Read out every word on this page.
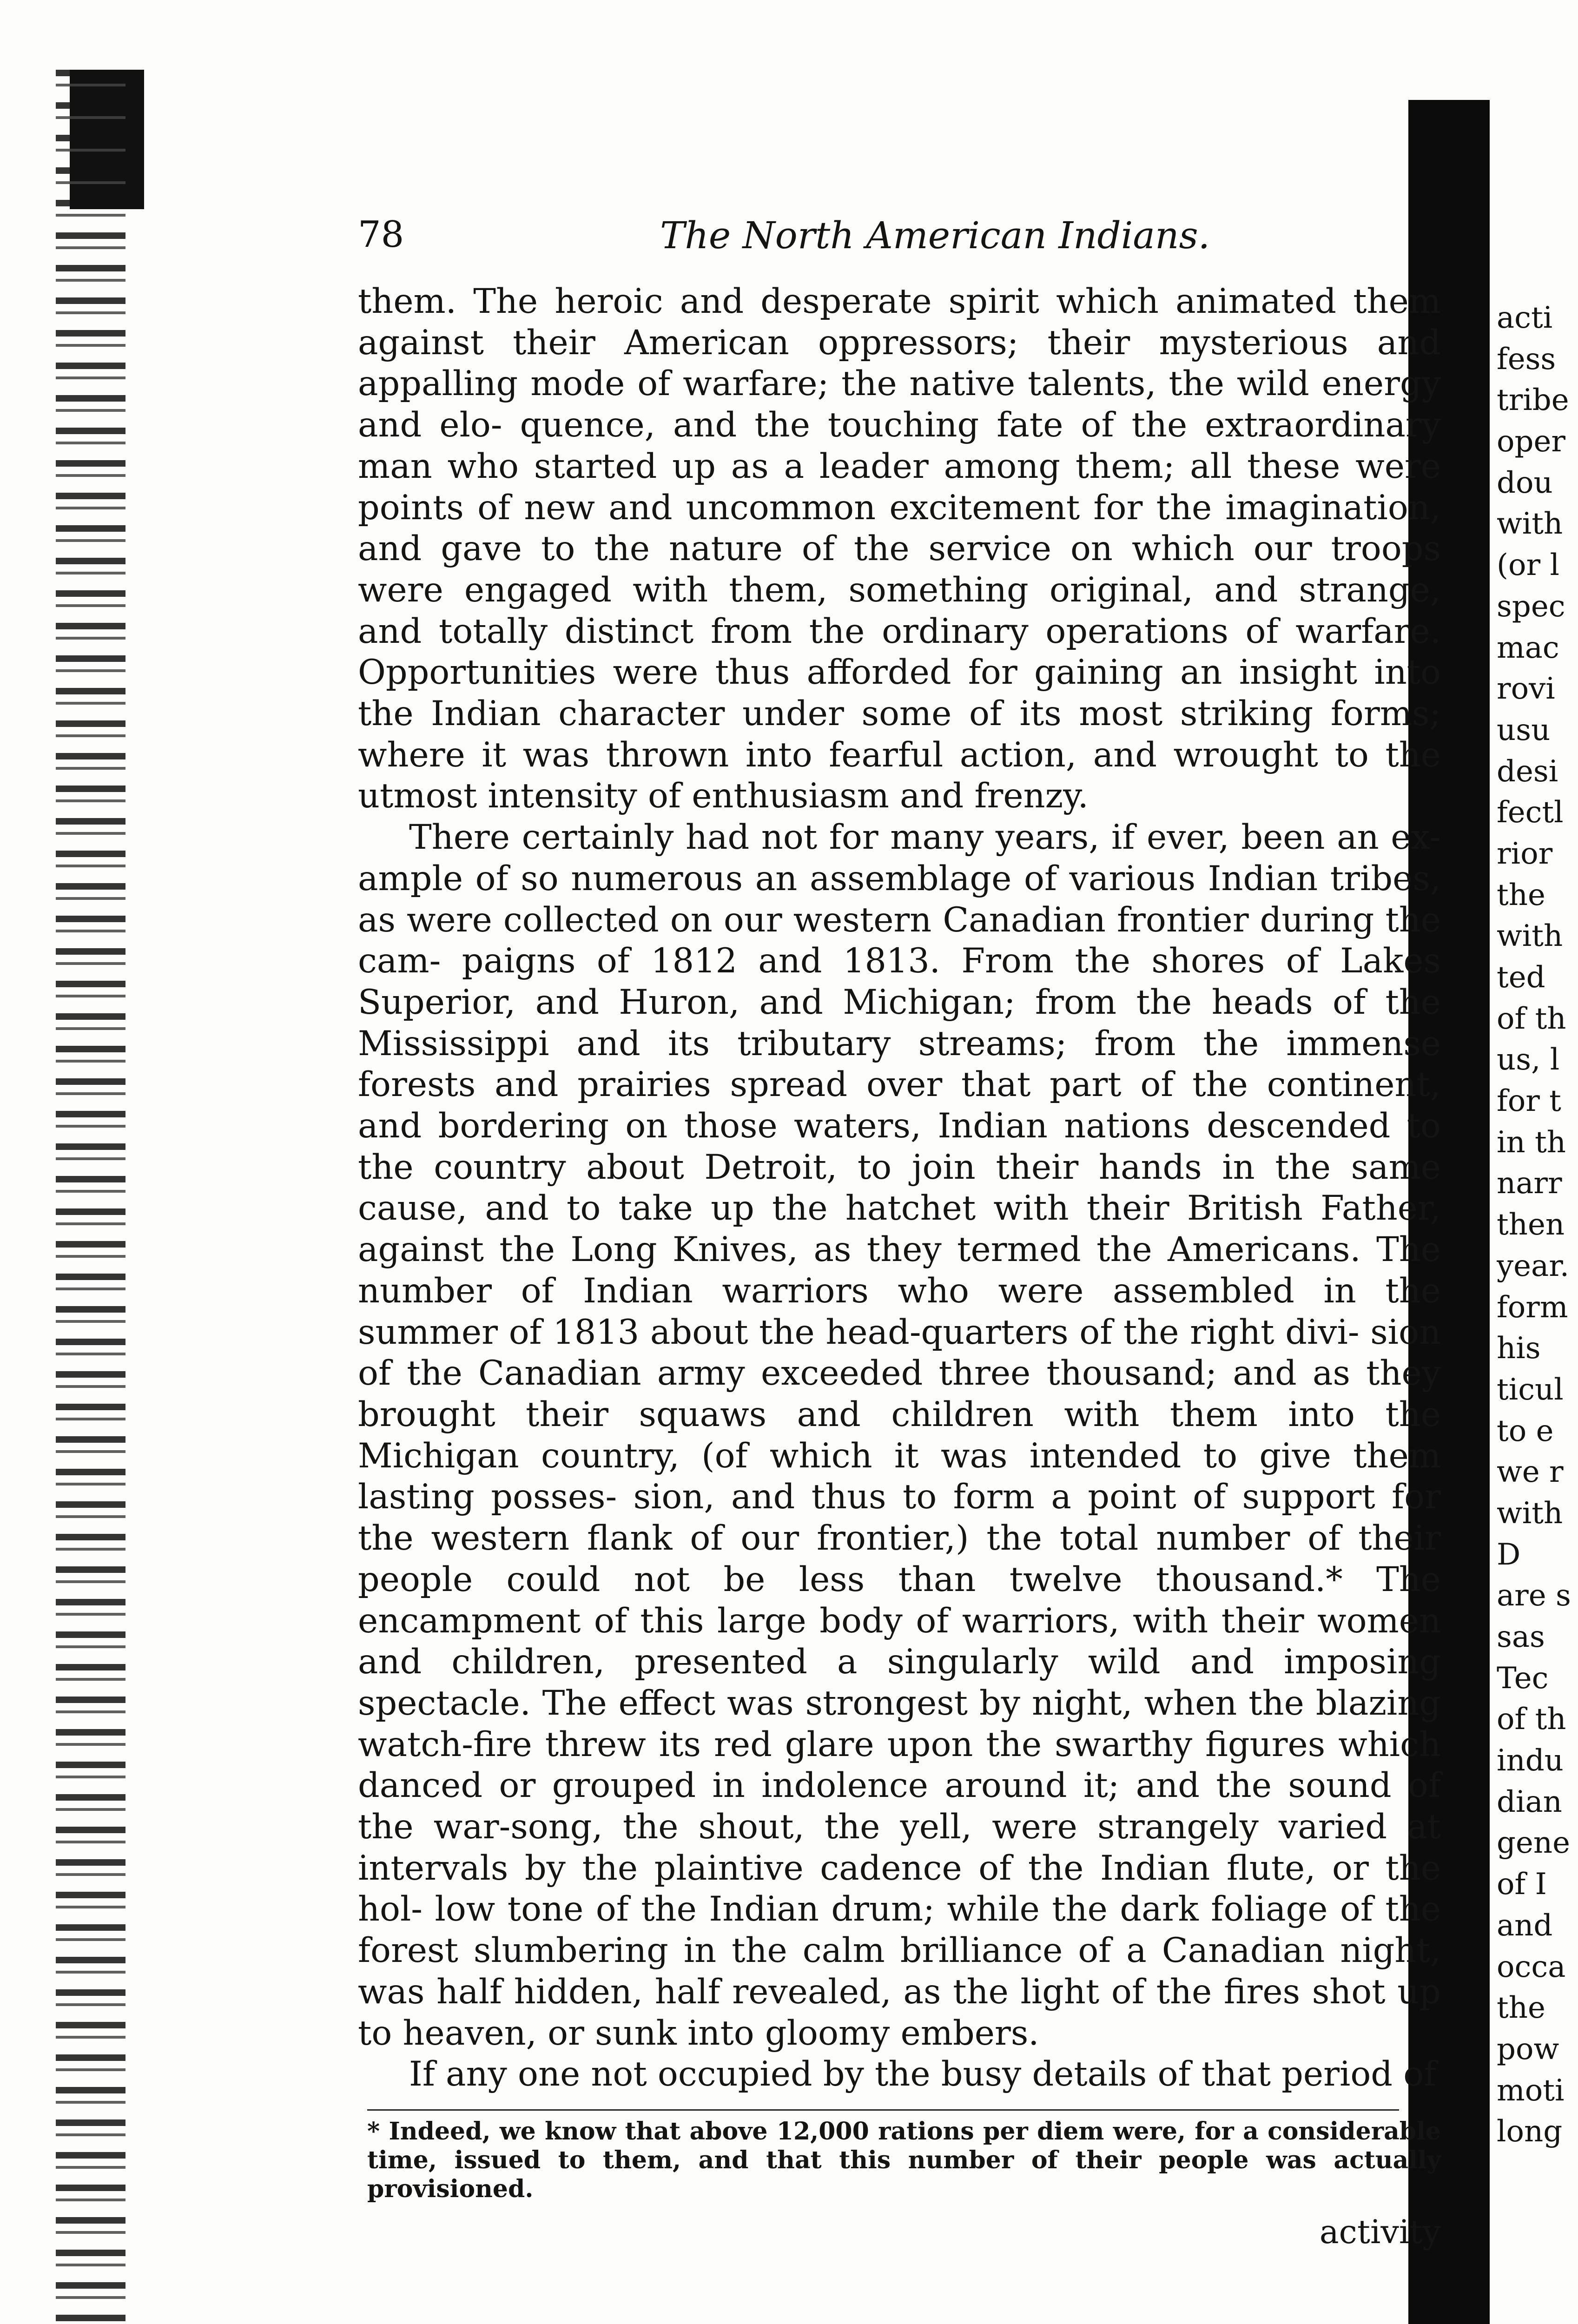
78	The North American Indians.

them. The heroic and desperate spirit which animated them against their American oppressors; their mysterious and appalling mode of warfare; the native talents, the wild energy and elo- quence, and the touching fate of the extraordinary man who started up as a leader among them; all these were points of new and uncommon excitement for the imagination, and gave to the nature of the service on which our troops were engaged with them, something original, and strange, and totally distinct from the ordinary operations of warfare. Opportunities were thus afforded for gaining an insight into the Indian character under some of its most striking forms; where it was thrown into fearful action, and wrought to the utmost intensity of enthusiasm and frenzy.

There certainly had not for many years, if ever, been an ex- ample of so numerous an assemblage of various Indian tribes, as were collected on our western Canadian frontier during the cam- paigns of 1812 and 1813. From the shores of Lakes Superior, and Huron, and Michigan; from the heads of the Mississippi and its tributary streams; from the immense forests and prairies spread over that part of the continent, and bordering on those waters, Indian nations descended to the country about Detroit, to join their hands in the same cause, and to take up the hatchet with their British Father, against the Long Knives, as they termed the Americans. The number of Indian warriors who were assembled in the summer of 1813 about the head-quarters of the right divi- sion of the Canadian army exceeded three thousand; and as they brought their squaws and children with them into the Michigan country, (of which it was intended to give them lasting posses- sion, and thus to form a point of support for the western flank of our frontier,) the total number of their people could not be less than twelve thousand.* The encampment of this large body of warriors, with their women and children, presented a singularly wild and imposing spectacle. The effect was strongest by night, when the blazing watch-fire threw its red glare upon the swarthy figures which danced or grouped in indolence around it; and the sound of the war-song, the shout, the yell, were strangely varied at intervals by the plaintive cadence of the Indian flute, or the hol- low tone of the Indian drum; while the dark foliage of the forest slumbering in the calm brilliance of a Canadian night, was half hidden, half revealed, as the light of the fires shot up to heaven, or sunk into gloomy embers.

If any one not occupied by the busy details of that period of

* Indeed, we know that above 12,000 rations per diem were, for a considerable time, issued to them, and that this number of their people was actually provisioned.

activity
acti
fess
tribe
oper
dou
with
(or l
spec
mac
rovi
usu
desi
fectl
rior
the
with
ted
of th
us, l
for t
in th
narr
then
year.
form
his
ticul
to e
we r
with
D
are s
sas
Tec
of th
indu
dian
gene
of I
and
occa
the
pow
moti
long
